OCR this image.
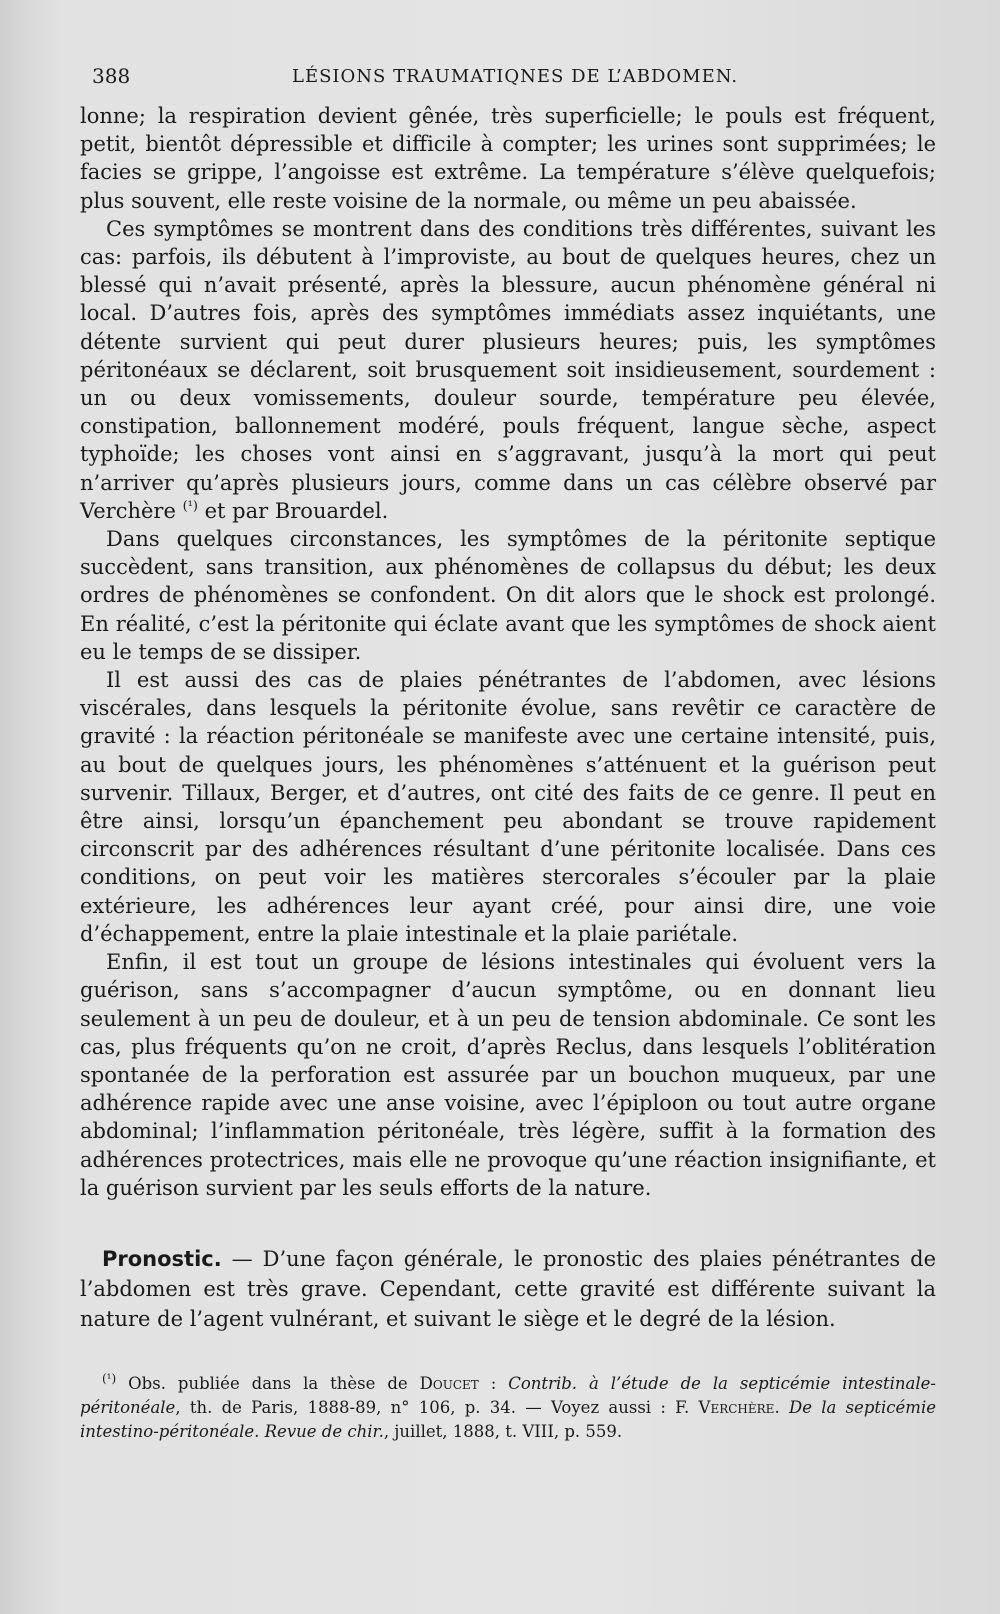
388	LÉSIONS TRAUMATIQNES DE L’ABDOMEN.

lonne; la respiration devient gênée, très superficielle; le pouls est fréquent, petit, bientôt dépressible et difficile à compter; les urines sont supprimées; le facies se grippe, l’angoisse est extrême. La température s’élève quelquefois; plus souvent, elle reste voisine de la normale, ou même un peu abaissée.

Ces symptômes se montrent dans des conditions très différentes, suivant les cas: parfois, ils débutent à l’improviste, au bout de quelques heures, chez un blessé qui n’avait présenté, après la blessure, aucun phénomène général ni local. D’autres fois, après des symptômes immédiats assez inquiétants, une détente survient qui peut durer plusieurs heures; puis, les symptômes péritonéaux se déclarent, soit brusquement soit insidieusement, sourdement : un ou deux vomissements, douleur sourde, température peu élevée, constipation, ballonnement modéré, pouls fréquent, langue sèche, aspect typhoïde; les choses vont ainsi en s’aggravant, jusqu’à la mort qui peut n’arriver qu’après plusieurs jours, comme dans un cas célèbre observé par Verchère $^{(^1)}$ et par Brouardel.

Dans quelques circonstances, les symptômes de la péritonite septique succèdent, sans transition, aux phénomènes de collapsus du début; les deux ordres de phénomènes se confondent. On dit alors que le shock est prolongé. En réalité, c’est la péritonite qui éclate avant que les symptômes de shock aient eu le temps de se dissiper.

Il est aussi des cas de plaies pénétrantes de l’abdomen, avec lésions viscérales, dans lesquels la péritonite évolue, sans revêtir ce caractère de gravité : la réaction péritonéale se manifeste avec une certaine intensité, puis, au bout de quelques jours, les phénomènes s’atténuent et la guérison peut survenir. Tillaux, Berger, et d’autres, ont cité des faits de ce genre. Il peut en être ainsi, lorsqu’un épanchement peu abondant se trouve rapidement circonscrit par des adhérences résultant d’une péritonite localisée. Dans ces conditions, on peut voir les matières stercorales s’écouler par la plaie extérieure, les adhérences leur ayant créé, pour ainsi dire, une voie d’échappement, entre la plaie intestinale et la plaie pariétale.

Enfin, il est tout un groupe de lésions intestinales qui évoluent vers la guérison, sans s’accompagner d’aucun symptôme, ou en donnant lieu seulement à un peu de douleur, et à un peu de tension abdominale. Ce sont les cas, plus fréquents qu’on ne croit, d’après Reclus, dans lesquels l’oblitération spontanée de la perforation est assurée par un bouchon muqueux, par une adhérence rapide avec une anse voisine, avec l’épiploon ou tout autre organe abdominal; l’inflammation péritonéale, très légère, suffit à la formation des adhérences protectrices, mais elle ne provoque qu’une réaction insignifiante, et la guérison survient par les seuls efforts de la nature.

Pronostic. — D’une façon générale, le pronostic des plaies pénétrantes de l’abdomen est très grave. Cependant, cette gravité est différente suivant la nature de l’agent vulnérant, et suivant le siège et le degré de la lésion.
$^{(^1)}$ Obs. publiée dans la thèse de Doucet : Contrib. à l’étude de la septicémie intestinale-péritonéale, th. de Paris, 1888-89, n° 106, p. 34. — Voyez aussi : F. Verchère. De la septicémie intestino-péritonéale. Revue de chir., juillet, 1888, t. VIII, p. 559.
